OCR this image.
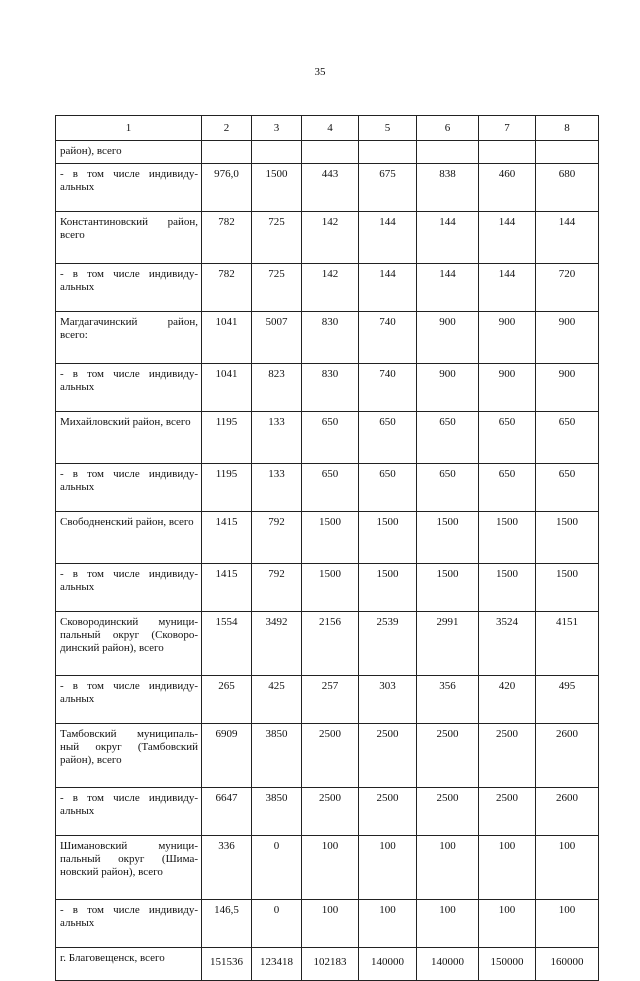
35
1	2	3	4	5	6	7	8
район), всего							
- в том числе индивиду-альных	976,0	1500	443	675	838	460	680
Константиновский район, всего	782	725	142	144	144	144	144
- в том числе индивиду-альных	782	725	142	144	144	144	720
Магдагачинский район, всего:	1041	5007	830	740	900	900	900
- в том числе индивиду-альных	1041	823	830	740	900	900	900
Михайловский район, всего	1195	133	650	650	650	650	650
- в том числе индивиду-альных	1195	133	650	650	650	650	650
Свободненский район, всего	1415	792	1500	1500	1500	1500	1500
- в том числе индивиду-альных	1415	792	1500	1500	1500	1500	1500
Сковородинский муници-пальный округ (Сковоро-динский район), всего	1554	3492	2156	2539	2991	3524	4151
- в том числе индивиду-альных	265	425	257	303	356	420	495
Тамбовский муниципаль-ный округ (Тамбовский район), всего	6909	3850	2500	2500	2500	2500	2600
- в том числе индивиду-альных	6647	3850	2500	2500	2500	2500	2600
Шимановский муници-пальный округ (Шима-новский район), всего	336	0	100	100	100	100	100
- в том числе индивиду-альных	146,5	0	100	100	100	100	100
г. Благовещенск, всего	151536	123418	102183	140000	140000	150000	160000
